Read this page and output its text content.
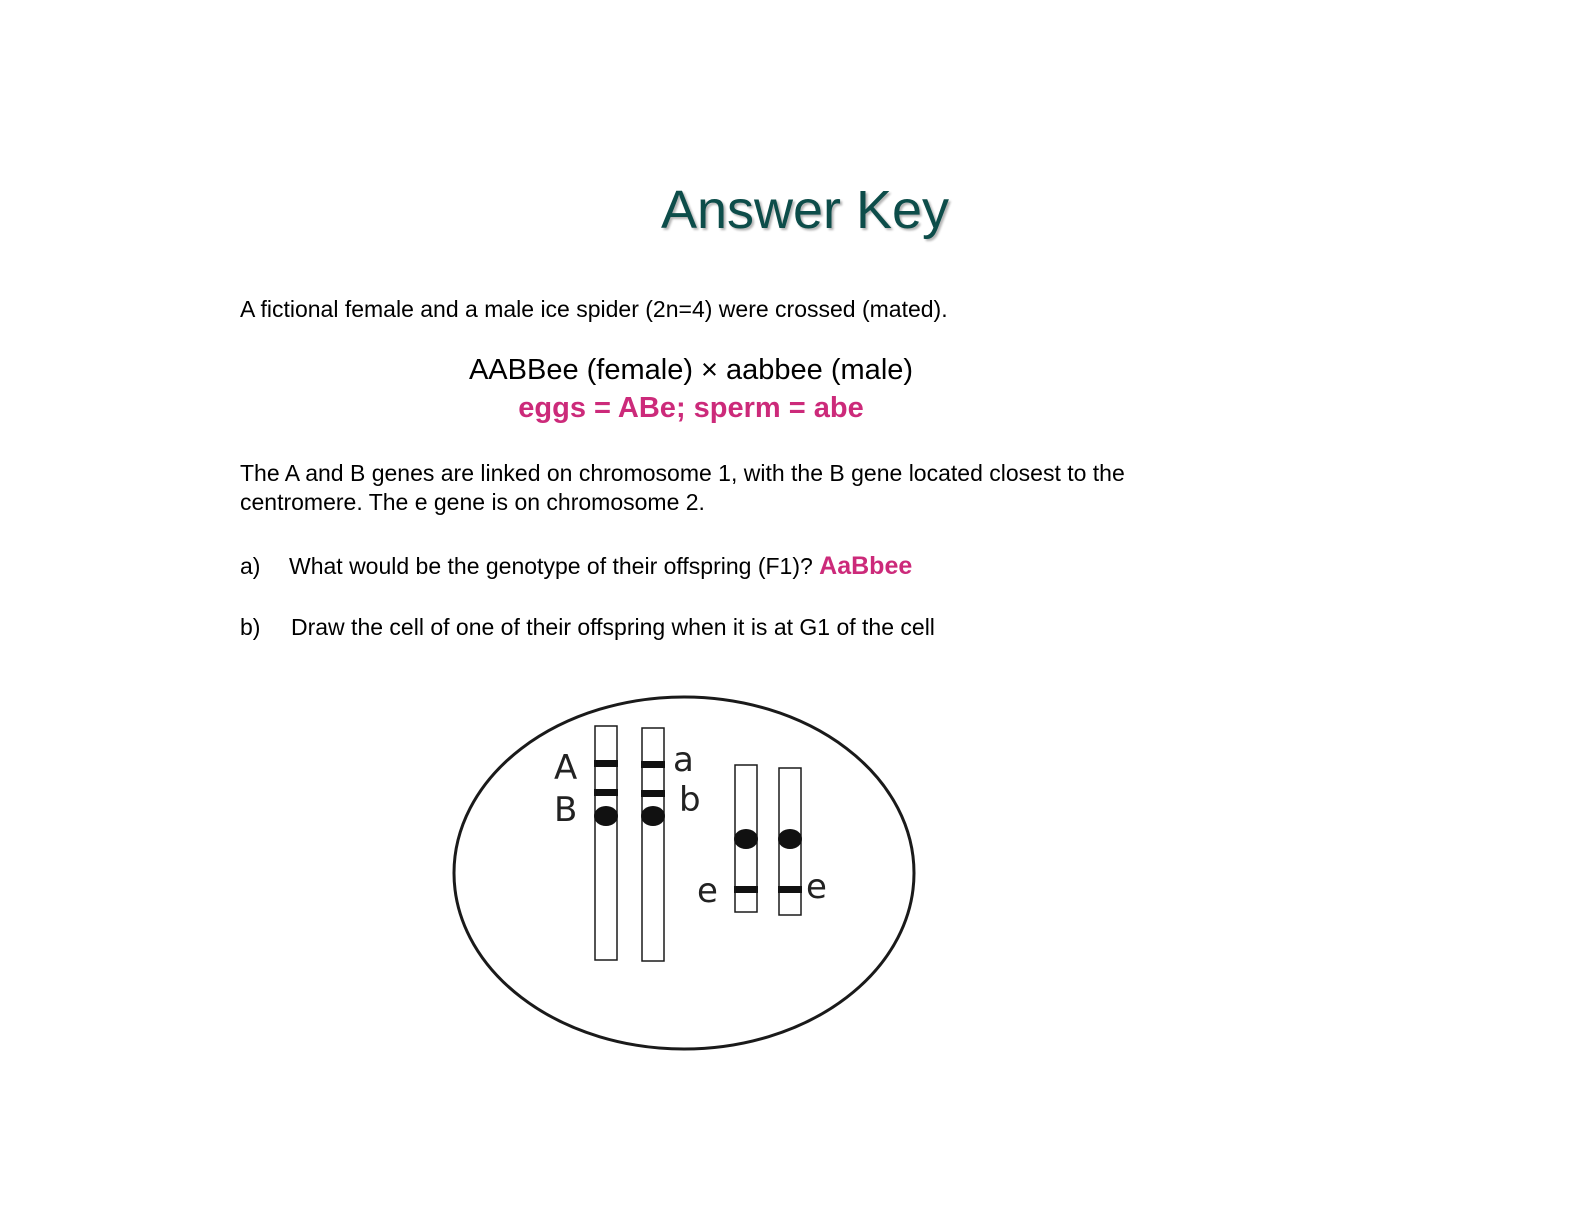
Answer Key
A fictional female and a male ice spider (2n=4) were crossed (mated).
AABBee (female) × aabbee (male)
eggs = ABe; sperm = abe
The A and B genes are linked on chromosome 1, with the B gene located closest to the centromere. The e gene is on chromosome 2.
a) What would be the genotype of their offspring (F1)? AaBbee
b) Draw the cell of one of their offspring when it is at G1 of the cell
A
B
a
b
e	e
